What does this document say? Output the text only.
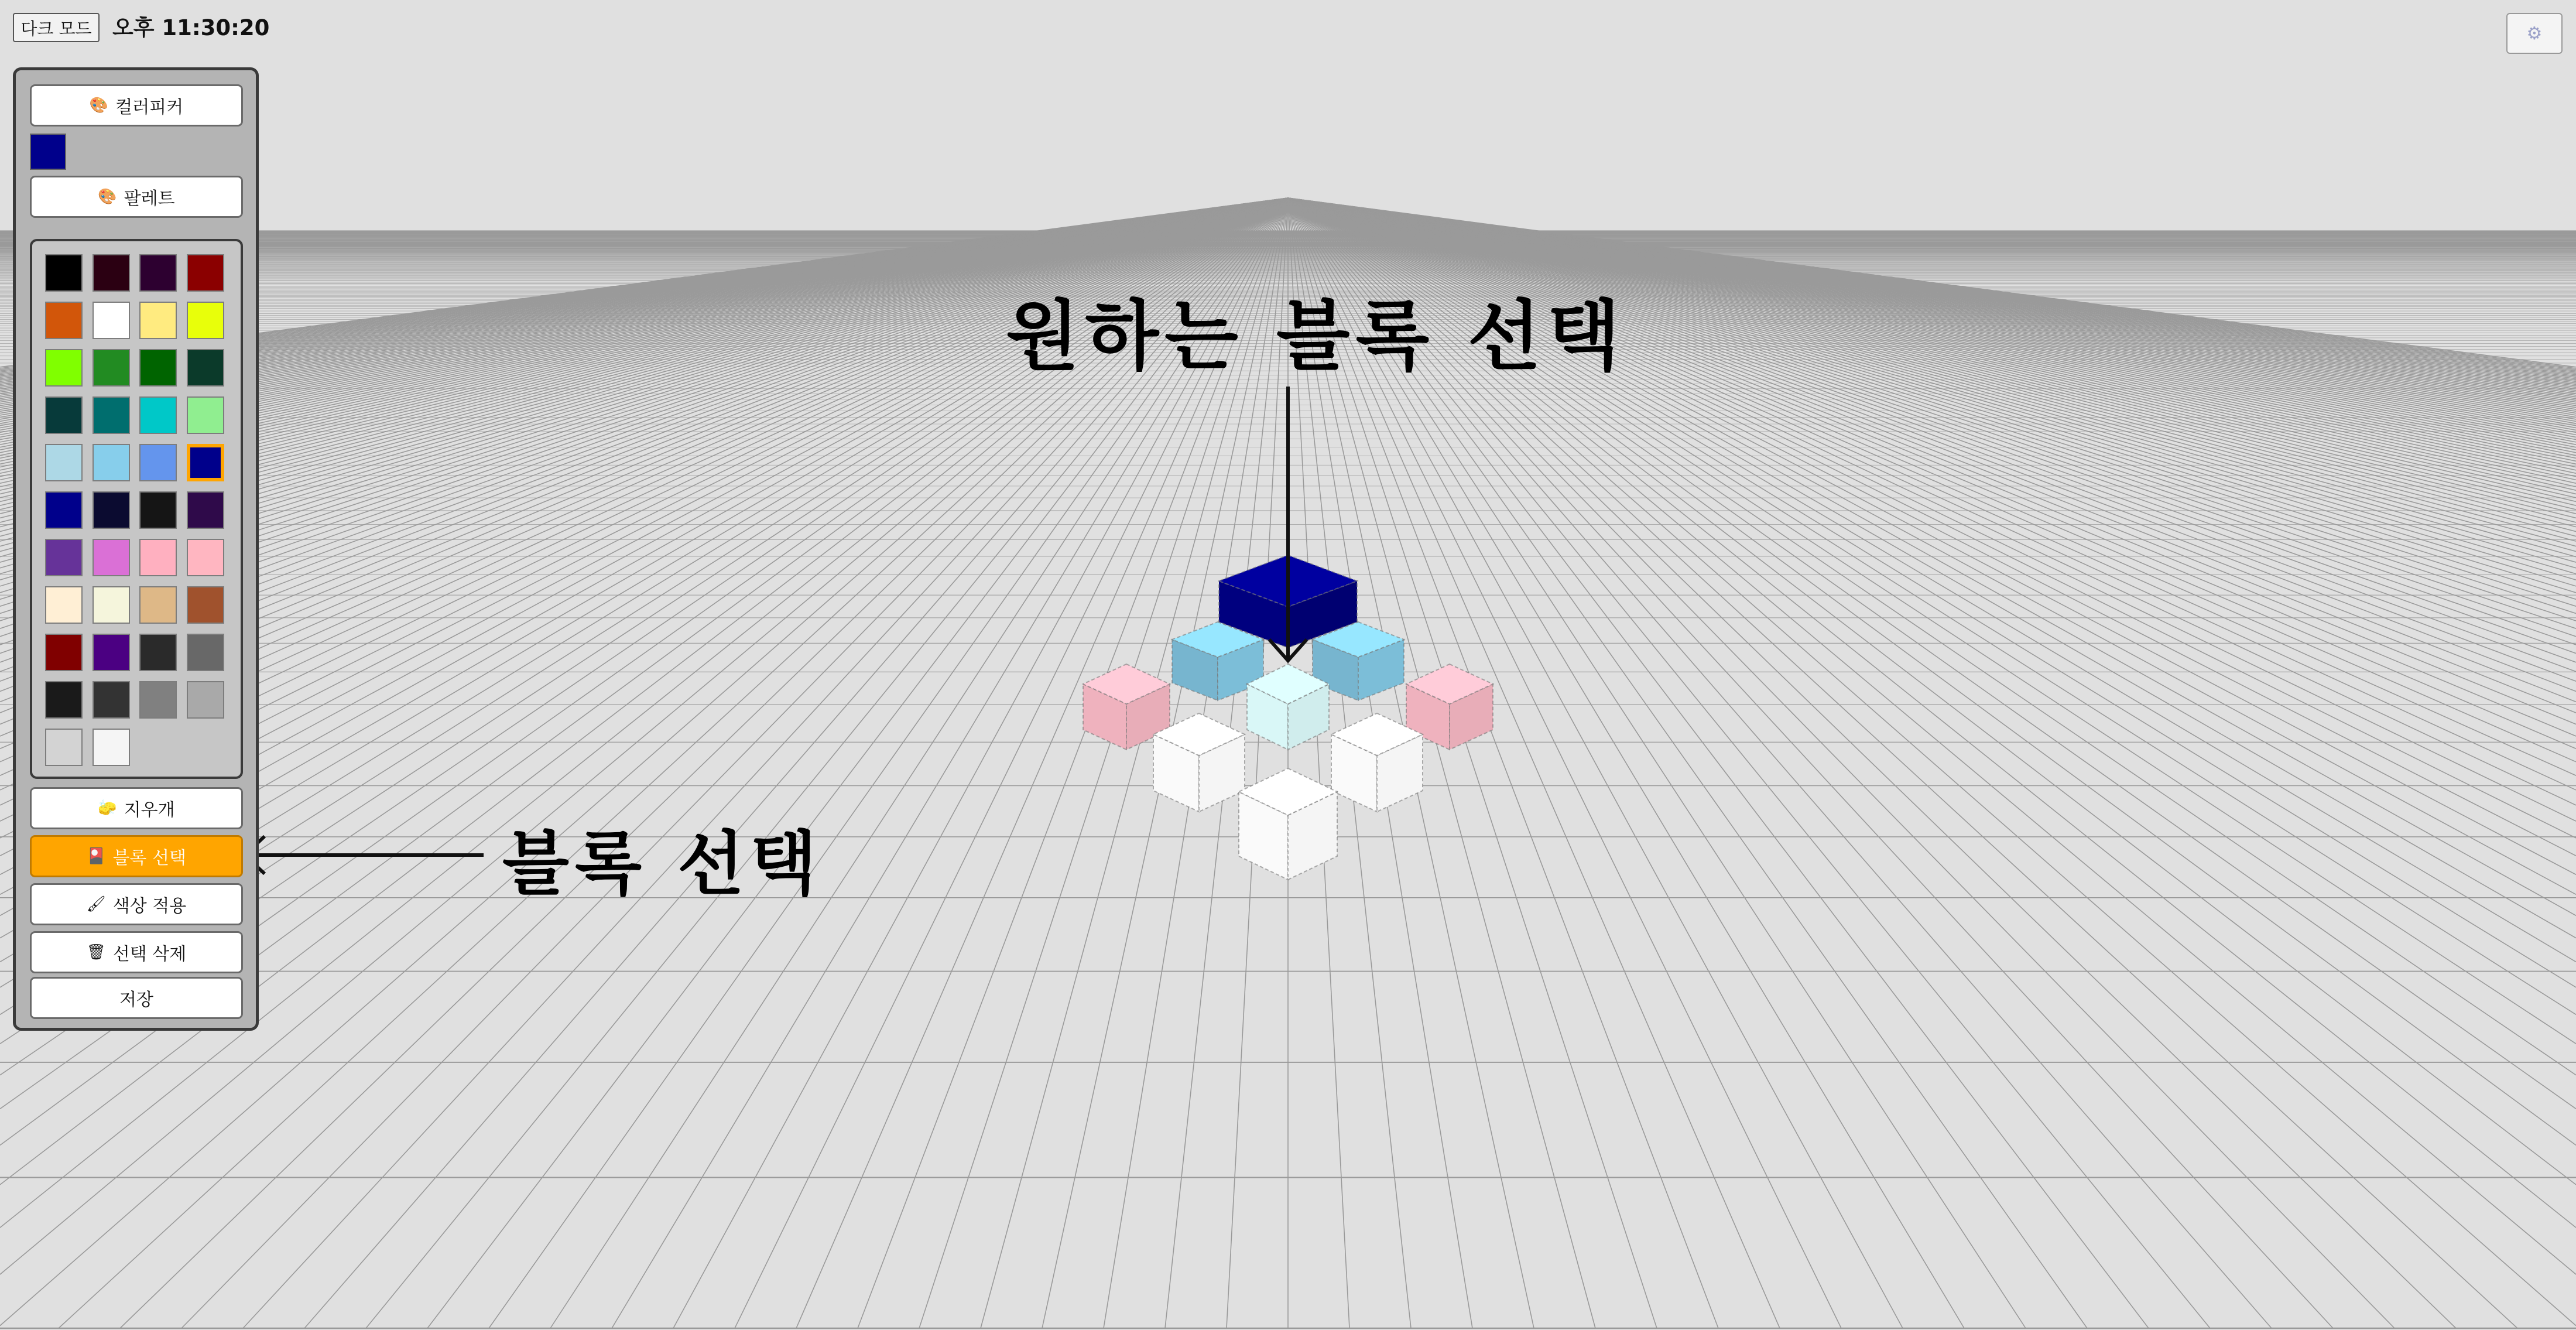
다크 모드 오후 11:30:20	⚙
🎨 컬러피커
🎨 팔레트
🧽 지우개
🎴 블록 선택
🖌 색상 적용
🗑 선택 삭제
저장
원하는 블록 선택
블록 선택
